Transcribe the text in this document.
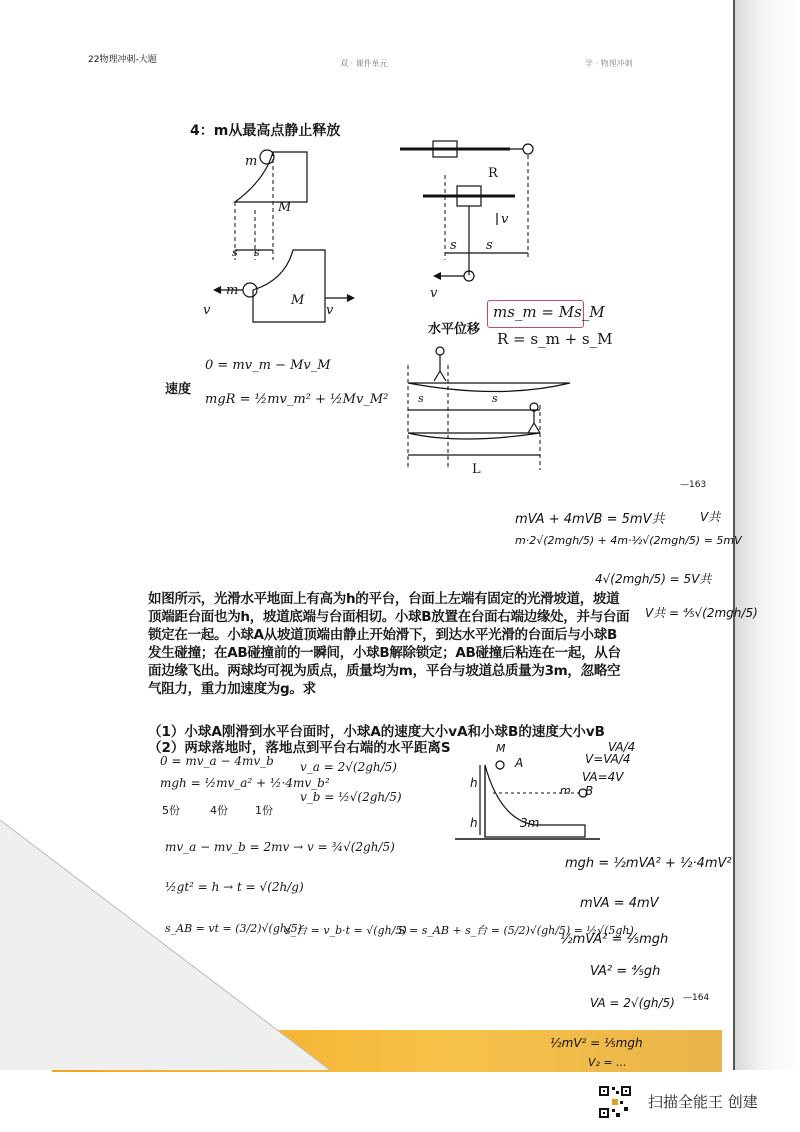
22物理冲刺-大题	双 · 课件单元	学 · 物理冲刺
4：m从最高点静止释放
m
M
s s
m
M
v	v
R
v
s s
v
水平位移
ms_m = Ms_M
R = s_m + s_M
s	s
L
速度
0 = mv_m − Mv_M
mgR = ½mv_m² + ½Mv_M²
—163
mVA + 4mVB = 5mV共	V共
m·2√(2mgh/5) + 4m·½√(2mgh/5) = 5mV
4√(2mgh/5) = 5V共
V共 = ⅘√(2mgh/5)
如图所示，光滑水平地面上有高为h的平台，台面上左端有固定的光滑坡道，坡道顶端距台面也为h，坡道底端与台面相切。小球B放置在台面右端边缘处，并与台面锁定在一起。小球A从坡道顶端由静止开始滑下，到达水平光滑的台面后与小球B发生碰撞；在AB碰撞前的一瞬间，小球B解除锁定；AB碰撞后粘连在一起，从台面边缘飞出。两球均可视为质点，质量均为m，平台与坡道总质量为3m，忽略空气阻力，重力加速度为g。求
（1）小球A刚滑到水平台面时，小球A的速度大小vA和小球B的速度大小vB
（2）两球落地时，落地点到平台右端的水平距离S
0 = mv_a − 4mv_b
mgh = ½mv_a² + ½·4mv_b²
v_a = 2√(2gh/5)
v_b = ½√(2gh/5)
5份	4份 1份
mv_a − mv_b = 2mv → v = ¾√(2gh/5)
½gt² = h → t = √(2h/g)
s_AB = vt = (3/2)√(gh/5)
s_台 = v_b·t = √(gh/5)
S = s_AB + s_台 = (5/2)√(gh/5) = ½√(5gh)
h
h	3m
M
A
m B
VA/4
V=VA/4
VA=4V
mgh = ½mVA² + ½·4mV²
mVA = 4mV
½mVA² = ⅖mgh
VA² = ⅘gh
VA = 2√(gh/5)
½mV² = ⅕mgh
V₂ = ...
—164
扫描全能王 创建
